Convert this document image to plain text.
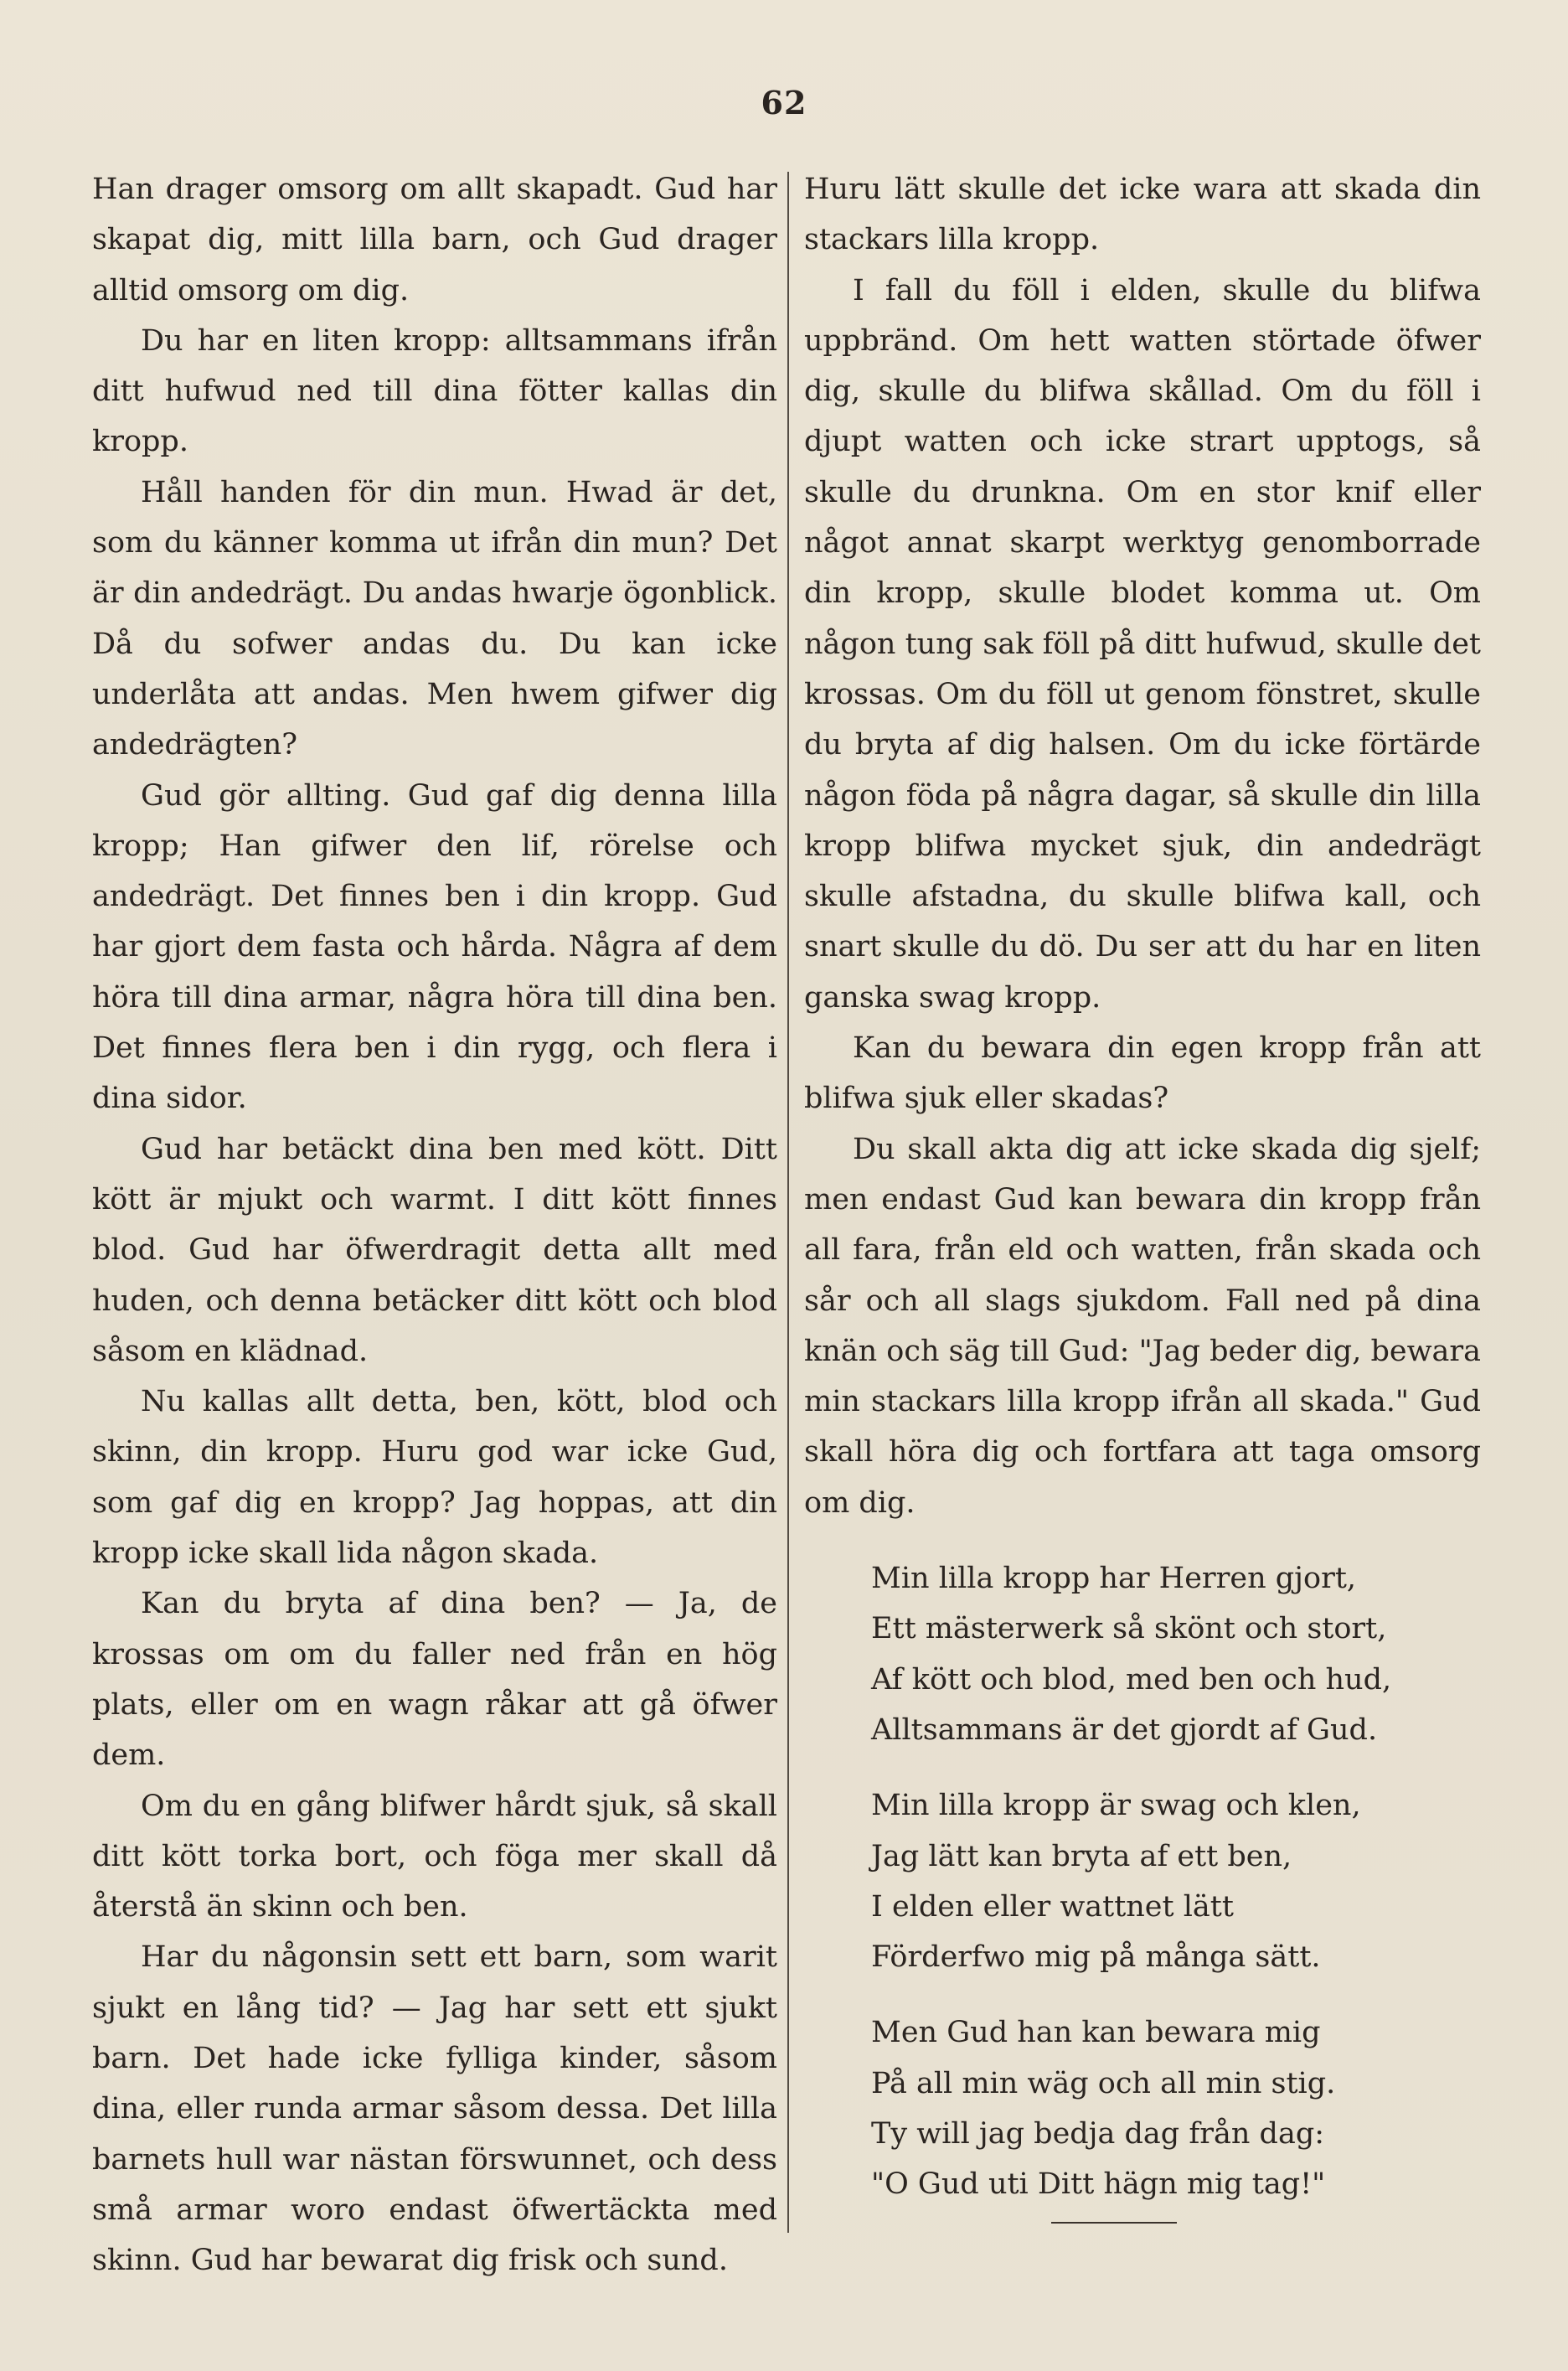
62

Han drager omsorg om allt skapadt. Gud har skapat dig, mitt lilla barn, och Gud drager alltid omsorg om dig.

Du har en liten kropp: alltsammans ifrån ditt hufwud ned till dina fötter kallas din kropp.

Håll handen för din mun. Hwad är det, som du känner komma ut ifrån din mun? Det är din andedrägt. Du andas hwarje ögonblick. Då du sofwer andas du. Du kan icke underlåta att andas. Men hwem gifwer dig andedrägten?

Gud gör allting. Gud gaf dig denna lilla kropp; Han gifwer den lif, rörelse och andedrägt. Det finnes ben i din kropp. Gud har gjort dem fasta och hårda. Några af dem höra till dina armar, några höra till dina ben. Det finnes flera ben i din rygg, och flera i dina sidor.

Gud har betäckt dina ben med kött. Ditt kött är mjukt och warmt. I ditt kött finnes blod. Gud har öfwerdragit detta allt med huden, och denna betäcker ditt kött och blod såsom en klädnad.

Nu kallas allt detta, ben, kött, blod och skinn, din kropp. Huru god war icke Gud, som gaf dig en kropp? Jag hoppas, att din kropp icke skall lida någon skada.

Kan du bryta af dina ben? — Ja, de krossas om om du faller ned från en hög plats, eller om en wagn råkar att gå öfwer dem.

Om du en gång blifwer hårdt sjuk, så skall ditt kött torka bort, och föga mer skall då återstå än skinn och ben.

Har du någonsin sett ett barn, som warit sjukt en lång tid? — Jag har sett ett sjukt barn. Det hade icke fylliga kinder, såsom dina, eller runda armar såsom dessa. Det lilla barnets hull war nästan förswunnet, och dess små armar woro endast öfwertäckta med skinn. Gud har bewarat dig frisk och sund.

Huru lätt skulle det icke wara att skada din stackars lilla kropp.

I fall du föll i elden, skulle du blifwa uppbränd. Om hett watten störtade öfwer dig, skulle du blifwa skållad. Om du föll i djupt watten och icke strart upptogs, så skulle du drunkna. Om en stor knif eller något annat skarpt werktyg genomborrade din kropp, skulle blodet komma ut. Om någon tung sak föll på ditt hufwud, skulle det krossas. Om du föll ut genom fönstret, skulle du bryta af dig halsen. Om du icke förtärde någon föda på några dagar, så skulle din lilla kropp blifwa mycket sjuk, din andedrägt skulle afstadna, du skulle blifwa kall, och snart skulle du dö. Du ser att du har en liten ganska swag kropp.

Kan du bewara din egen kropp från att blifwa sjuk eller skadas?

Du skall akta dig att icke skada dig sjelf; men endast Gud kan bewara din kropp från all fara, från eld och watten, från skada och sår och all slags sjukdom. Fall ned på dina knän och säg till Gud: "Jag beder dig, bewara min stackars lilla kropp ifrån all skada." Gud skall höra dig och fortfara att taga omsorg om dig.

Min lilla kropp har Herren gjort,
Ett mästerwerk så skönt och stort,
Af kött och blod, med ben och hud,
Alltsammans är det gjordt af Gud.
Min lilla kropp är swag och klen,
Jag lätt kan bryta af ett ben,
I elden eller wattnet lätt
Förderfwo mig på många sätt.
Men Gud han kan bewara mig
På all min wäg och all min stig.
Ty will jag bedja dag från dag:
"O Gud uti Ditt hägn mig tag!"
